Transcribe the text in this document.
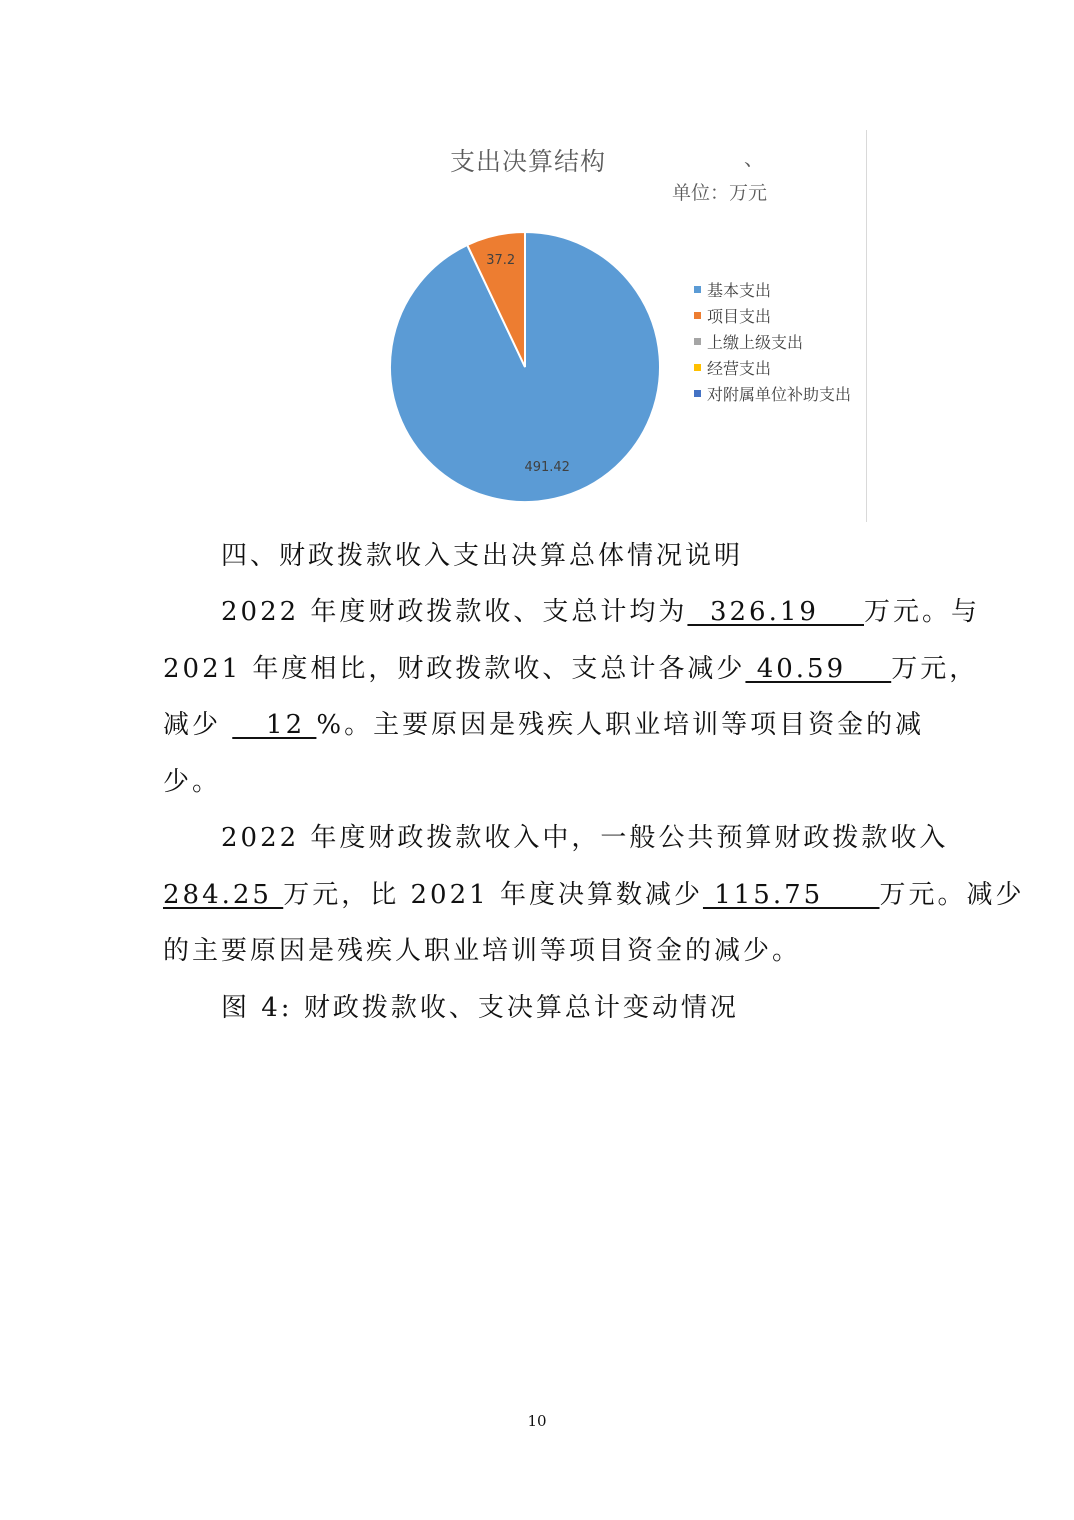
支出决算结构	、
单位：万元
491.42
37.2
基本支出
项目支出
上缴上级支出
经营支出
对附属单位补助支出
四、财政拨款收入支出决算总体情况说明
2022 年度财政拨款收、支总计均为  326.19    万元。与
2021 年度相比，财政拨款收、支总计各减少 40.59    万元，
减少    12 %。主要原因是残疾人职业培训等项目资金的减
少。
2022 年度财政拨款收入中，一般公共预算财政拨款收入
284.25 万元，比 2021 年度决算数减少 115.75     万元。减少
的主要原因是残疾人职业培训等项目资金的减少。
图 4: 财政拨款收、支决算总计变动情况
10
